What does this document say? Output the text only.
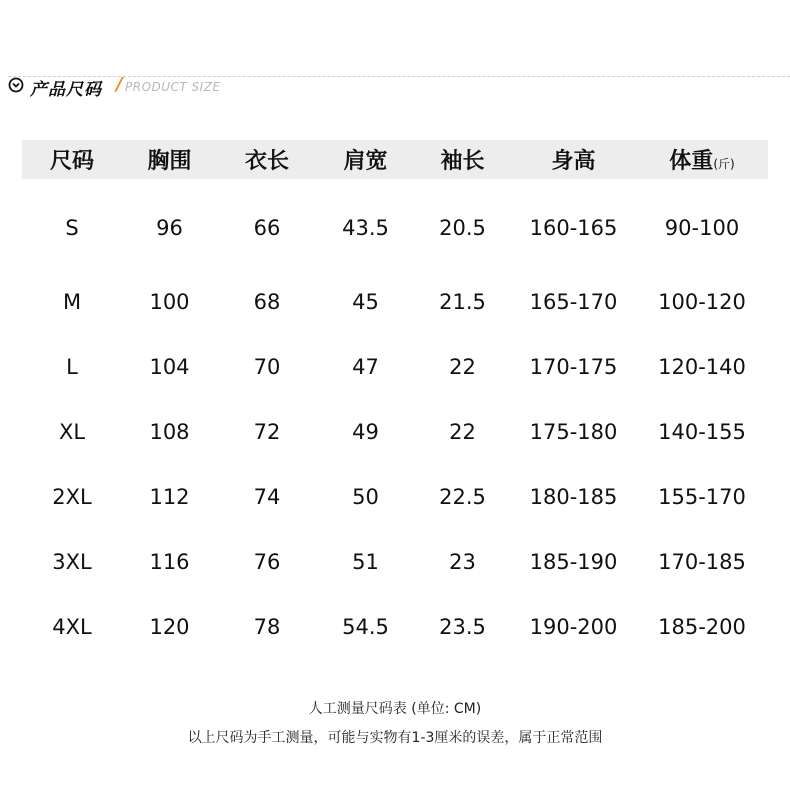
产品尺码 / PRODUCT SIZE
尺码	胸围	衣长	肩宽	袖长	身高	体重(斤)
S	96	66	43.5	20.5	160-165	90-100
M	100	68	45	21.5	165-170	100-120
L	104	70	47	22	170-175	120-140
XL	108	72	49	22	175-180	140-155
2XL	112	74	50	22.5	180-185	155-170
3XL	116	76	51	23	185-190	170-185
4XL	120	78	54.5	23.5	190-200	185-200
人工测量尺码表 (单位: CM)
以上尺码为手工测量，可能与实物有1-3厘米的误差，属于正常范围
